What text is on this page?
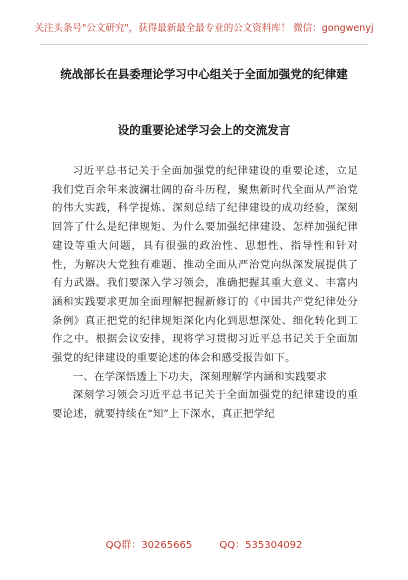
关注头条号"公文研究"，获得最新最全最专业的公文资料库！ 微信：gongwenyj
统战部长在县委理论学习中心组关于全面加强党的纪律建
设的重要论述学习会上的交流发言

习近平总书记关于全面加强党的纪律建设的重要论述，立足我们党百余年来波澜壮阔的奋斗历程，聚焦新时代全面从严治党的伟大实践，科学提炼、深刻总结了纪律建设的成功经验，深刻回答了什么是纪律规矩、为什么要加强纪律建设、怎样加强纪律建设等重大问题，具有很强的政治性、思想性、指导性和针对性，为解决大党独有难题、推动全面从严治党向纵深发展提供了有力武器。我们要深入学习领会，准确把握其重大意义、丰富内涵和实践要求更加全面理解把握新修订的《中国共产党纪律处分条例》真正把党的纪律规矩深化内化到思想深处、细化转化到工作之中。根据会议安排，现将学习贯彻习近平总书记关于全面加强党的纪律建设的重要论述的体会和感受报告如下。

一、在学深悟透上下功夫，深刻理解学内涵和实践要求

深刻学习领会习近平总书记关于全面加强党的纪律建设的重要论述，就要持续在“知”上下深水，真正把学纪

QQ群：30265665	QQ：535304092
